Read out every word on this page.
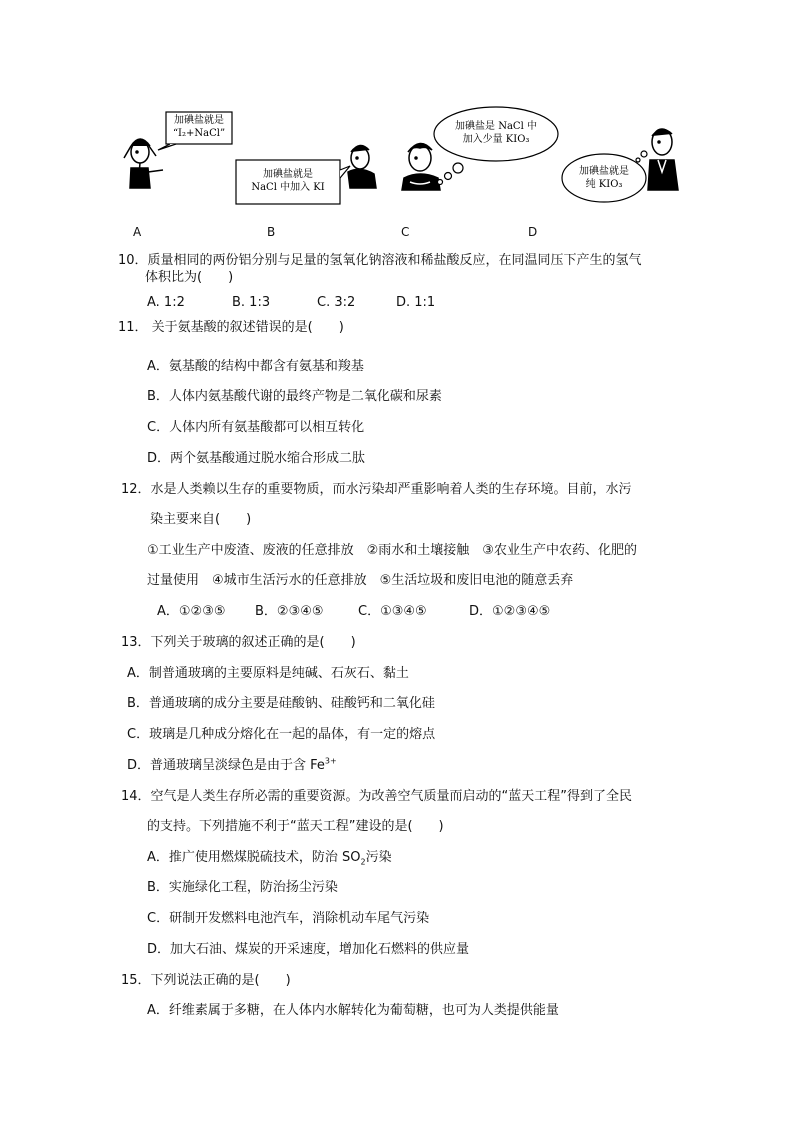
加碘盐就是
“I₂+NaCl”
加碘盐就是
NaCl 中加入 KI
加碘盐是 NaCl 中
加入少量 KIO₃
加碘盐就是
纯 KIO₃
A	B	C	D
10．质量相同的两份铝分别与足量的氢氧化钠溶液和稀盐酸反应，在同温同压下产生的氢气
体积比为(　　)
A. 1:2	B. 1:3	C. 3:2	D. 1:1
11． 关于氨基酸的叙述错误的是(　　)
A．氨基酸的结构中都含有氨基和羧基
B．人体内氨基酸代谢的最终产物是二氧化碳和尿素
C．人体内所有氨基酸都可以相互转化
D．两个氨基酸通过脱水缩合形成二肽
12．水是人类赖以生存的重要物质，而水污染却严重影响着人类的生存环境。目前，水污
染主要来自(　　)
①工业生产中废渣、废液的任意排放　②雨水和土壤接触　③农业生产中农药、化肥的
过量使用　④城市生活污水的任意排放　⑤生活垃圾和废旧电池的随意丢弃
A．①②③⑤ B．②③④⑤	C．①③④⑤	D．①②③④⑤
13．下列关于玻璃的叙述正确的是(　　)
A．制普通玻璃的主要原料是纯碱、石灰石、黏土
B．普通玻璃的成分主要是硅酸钠、硅酸钙和二氧化硅
C．玻璃是几种成分熔化在一起的晶体，有一定的熔点
D．普通玻璃呈淡绿色是由于含 $Fe^{3+}$
14．空气是人类生存所必需的重要资源。为改善空气质量而启动的“蓝天工程”得到了全民
的支持。下列措施不利于“蓝天工程”建设的是(　　)
A．推广使用燃煤脱硫技术，防治 $SO_2$污染
B．实施绿化工程，防治扬尘污染
C．研制开发燃料电池汽车，消除机动车尾气污染
D．加大石油、煤炭的开采速度，增加化石燃料的供应量
15．下列说法正确的是(　　)
A．纤维素属于多糖，在人体内水解转化为葡萄糖，也可为人类提供能量
